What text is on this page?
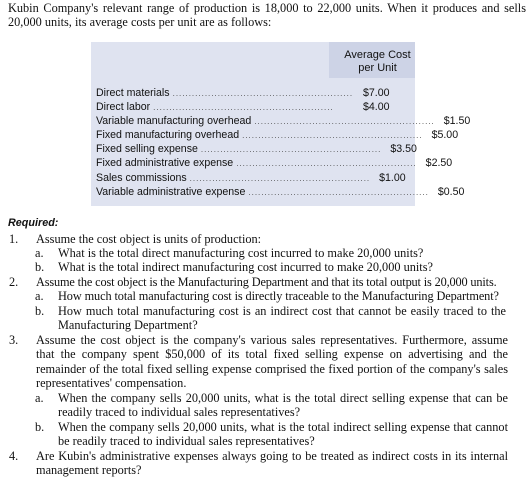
Kubin Company's relevant range of production is 18,000 to 22,000 units. When it produces and sells 20,000 units, its average costs per unit are as follows:
Average Cost
per Unit
Direct materials ........................................................ $7.00
Direct labor ........................................................	$4.00
Variable manufacturing overhead ........................................................ $1.50
Fixed manufacturing overhead ........................................................ $5.00
Fixed selling expense ........................................................ $3.50
Fixed administrative expense ........................................................ $2.50
Sales commissions ........................................................ $1.00
Variable administrative expense ........................................................ $0.50
Required:
1. Assume the cost object is units of production:
a. What is the total direct manufacturing cost incurred to make 20,000 units?
b. What is the total indirect manufacturing cost incurred to make 20,000 units?
2. Assume the cost object is the Manufacturing Department and that its total output is 20,000 units.
a. How much total manufacturing cost is directly traceable to the Manufacturing Department?
b. How much total manufacturing cost is an indirect cost that cannot be easily traced to the Manufacturing Department?
3. Assume the cost object is the company's various sales representatives. Furthermore, assume that the company spent $50,000 of its total fixed selling expense on advertising and the remainder of the total fixed selling expense comprised the fixed portion of the company's sales representatives' compensation.
a. When the company sells 20,000 units, what is the total direct selling expense that can be readily traced to individual sales representatives?
b. When the company sells 20,000 units, what is the total indirect selling expense that cannot be readily traced to individual sales representatives?
4. Are Kubin's administrative expenses always going to be treated as indirect costs in its internal management reports?
